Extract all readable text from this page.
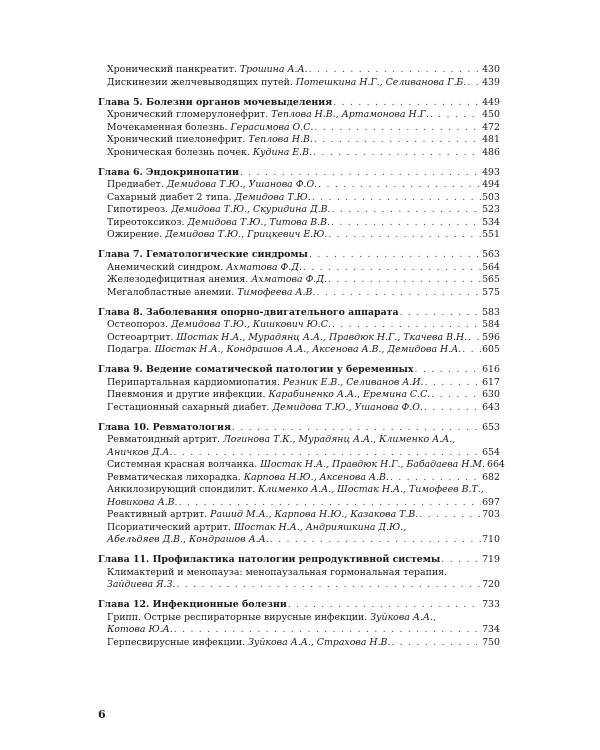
Хронический панкреатит. Трошина А.А. . . .	430
Дискинезии желчевыводящих путей. Потешкина Н.Г., Селиванова Г.Б. . . . 439
Глава 5. Болезни органов мочевыделения . . .	449
Хронический гломерулонефрит. Теплова Н.В., Артамонова Н.Г. . . .	450
Мочекаменная болезнь. Герасимова О.С. . . .	472
Хронический пиелонефрит. Теплова Н.В. . . .	481
Хроническая болезнь почек. Кудина Е.В. . . .	486
Глава 6. Эндокринопатии . . .	493
Предиабет. Демидова Т.Ю., Ушанова Ф.О. . . .	494
Сахарный диабет 2 типа. Демидова Т.Ю. . . .	503
Гипотиреоз. Демидова Т.Ю., Скуридина Д.В. . . .	523
Тиреотоксикоз. Демидова Т.Ю., Титова В.В. . . .	534
Ожирение. Демидова Т.Ю., Грицкевич Е.Ю. . . .	551
Глава 7. Гематологические синдромы . . .	563
Анемический синдром. Ахматова Ф.Д. . . .	564
Железодефицитная анемия. Ахматова Ф.Д. . . .	565
Мегалобластные анемии. Тимофеева А.В. . . .	575
Глава 8. Заболевания опорно-двигательного аппарата . . .	583
Остеопороз. Демидова Т.Ю., Кишкович Ю.С. . . .	584
Остеоартрит. Шостак Н.А., Мурадянц А.А., Правдюк Н.Г., Ткачева В.Н. . . . 596
Подагра. Шостак Н.А., Кондрашов А.А., Аксенова А.В., Демидова Н.А. . . . 605
Глава 9. Ведение соматической патологии у беременных . . .	616
Перипартальная кардиомиопатия. Резник Е.В., Селиванов А.И. . . .	617
Пневмония и другие инфекции. Карабиненко А.А., Еремина С.С. . . .	630
Гестационный сахарный диабет. Демидова Т.Ю., Ушанова Ф.О. . . .	643
Глава 10. Ревматология . . .	653
Ревматоидный артрит. Логинова Т.К., Мурадянц А.А., Клименко А.А.,
Аничков Д.А. . . .	654
Системная красная волчанка. Шостак Н.А., Правдюк Н.Г., Бабадаева Н.М. 664
Ревматическая лихорадка. Карпова Н.Ю., Аксенова А.В. . . .	682
Анкилозирующий спондилит. Клименко А.А., Шостак Н.А., Тимофеев В.Т.,
Новикова А.В. . . .	697
Реактивный артрит. Рашид М.А., Карпова Н.Ю., Казакова Т.В. . . .	703
Псориатический артрит. Шостак Н.А., Андрияшкина Д.Ю.,
Абельдяев Д.В., Кондрашов А.А. . . .	710
Глава 11. Профилактика патологии репродуктивной системы . . .	719
Климактерий и менопауза: менопаузальная гормональная терапия.
Зайдиева Я.З. . . .	720
Глава 12. Инфекционные болезни . . .	733
Грипп. Острые респираторные вирусные инфекции. Зуйкова А.А.,
Котова Ю.А. . . .	734
Герпесвирусные инфекции. Зуйкова А.А., Страхова Н.В. . . .	750
6
